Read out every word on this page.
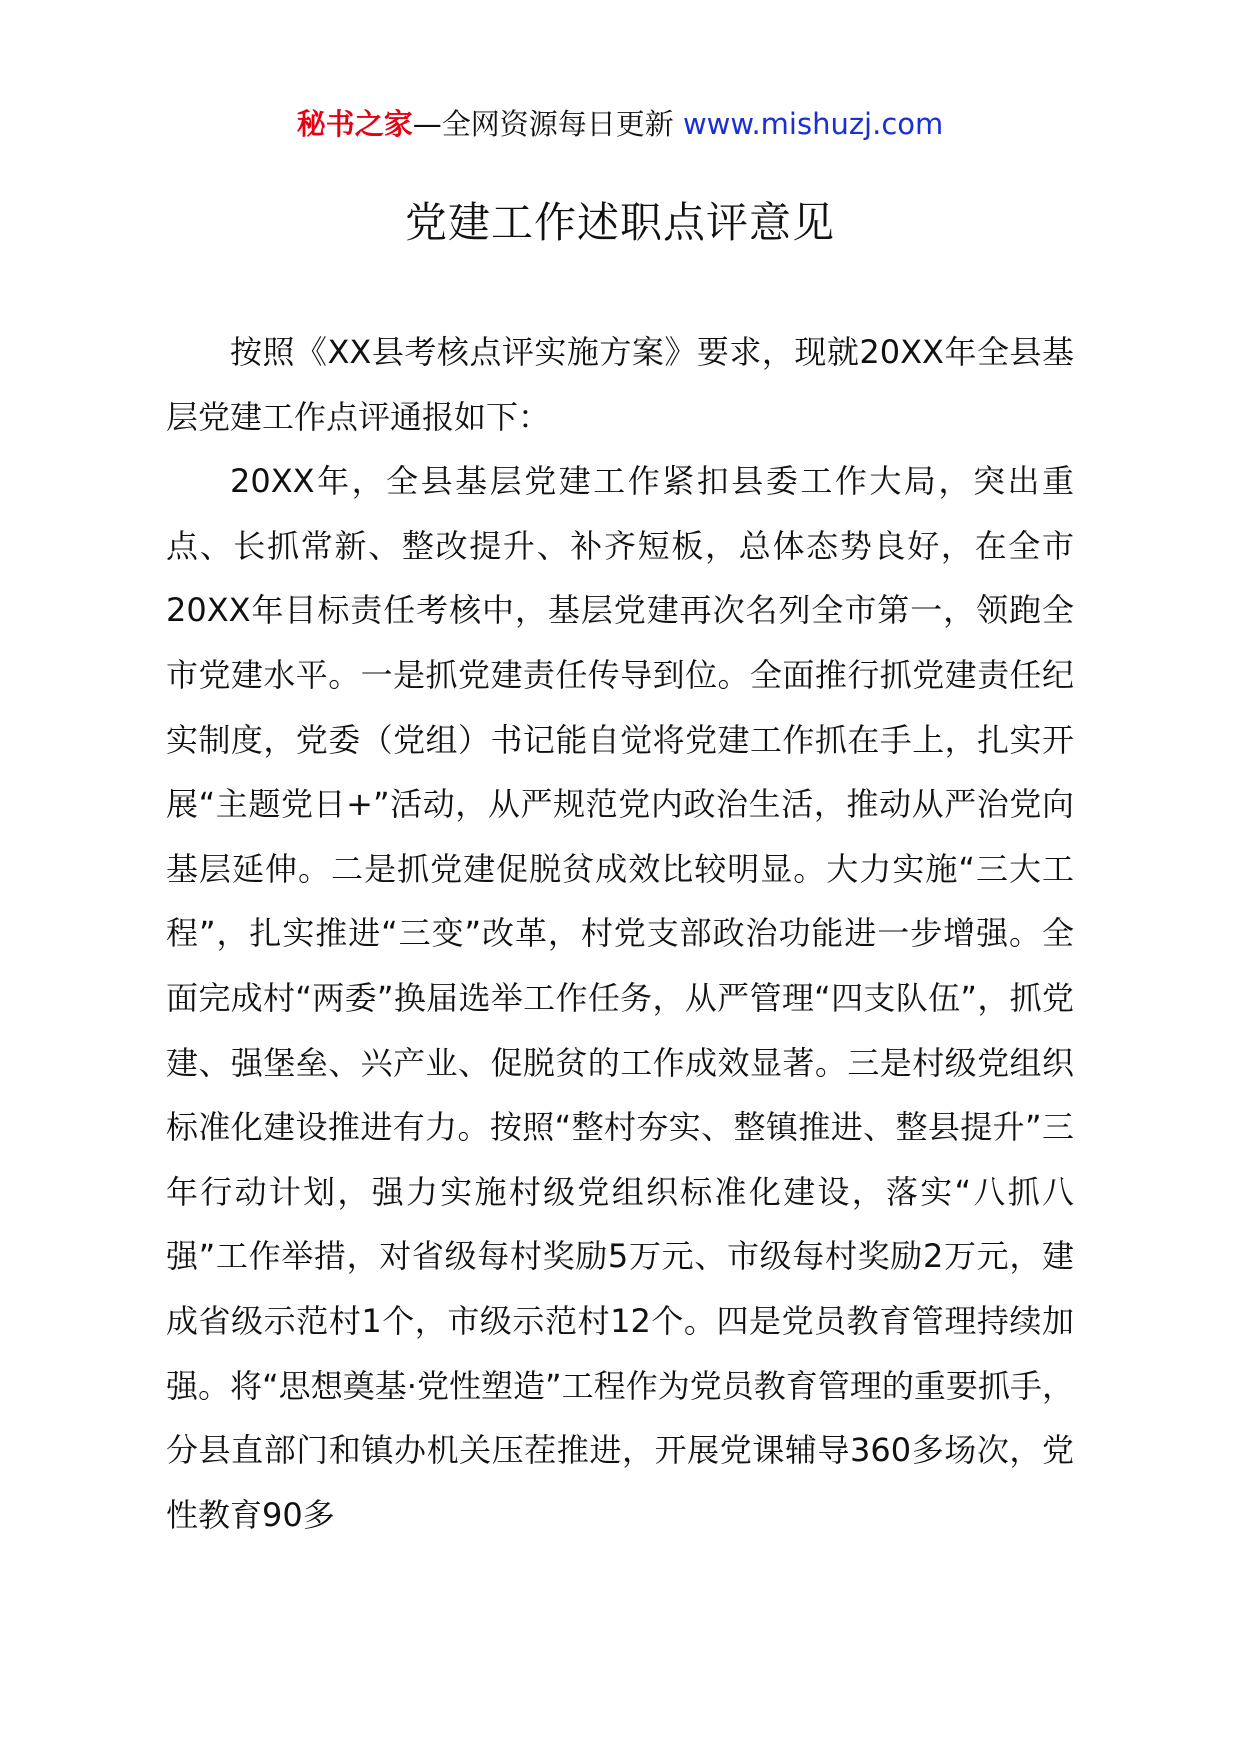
秘书之家—全网资源每日更新 www.mishuzj.com
党建工作述职点评意见

按照《XX县考核点评实施方案》要求，现就20XX年全县基层党建工作点评通报如下：

20XX年，全县基层党建工作紧扣县委工作大局，突出重点、长抓常新、整改提升、补齐短板，总体态势良好，在全市20XX年目标责任考核中，基层党建再次名列全市第一，领跑全市党建水平。一是抓党建责任传导到位。全面推行抓党建责任纪实制度，党委（党组）书记能自觉将党建工作抓在手上，扎实开展“主题党日+”活动，从严规范党内政治生活，推动从严治党向基层延伸。二是抓党建促脱贫成效比较明显。大力实施“三大工程”，扎实推进“三变”改革，村党支部政治功能进一步增强。全面完成村“两委”换届选举工作任务，从严管理“四支队伍”，抓党建、强堡垒、兴产业、促脱贫的工作成效显著。三是村级党组织标准化建设推进有力。按照“整村夯实、整镇推进、整县提升”三年行动计划，强力实施村级党组织标准化建设，落实“八抓八强”工作举措，对省级每村奖励5万元、市级每村奖励2万元，建成省级示范村1个，市级示范村12个。四是党员教育管理持续加强。将“思想奠基·党性塑造”工程作为党员教育管理的重要抓手，分县直部门和镇办机关压茬推进，开展党课辅导360多场次，党性教育90多
